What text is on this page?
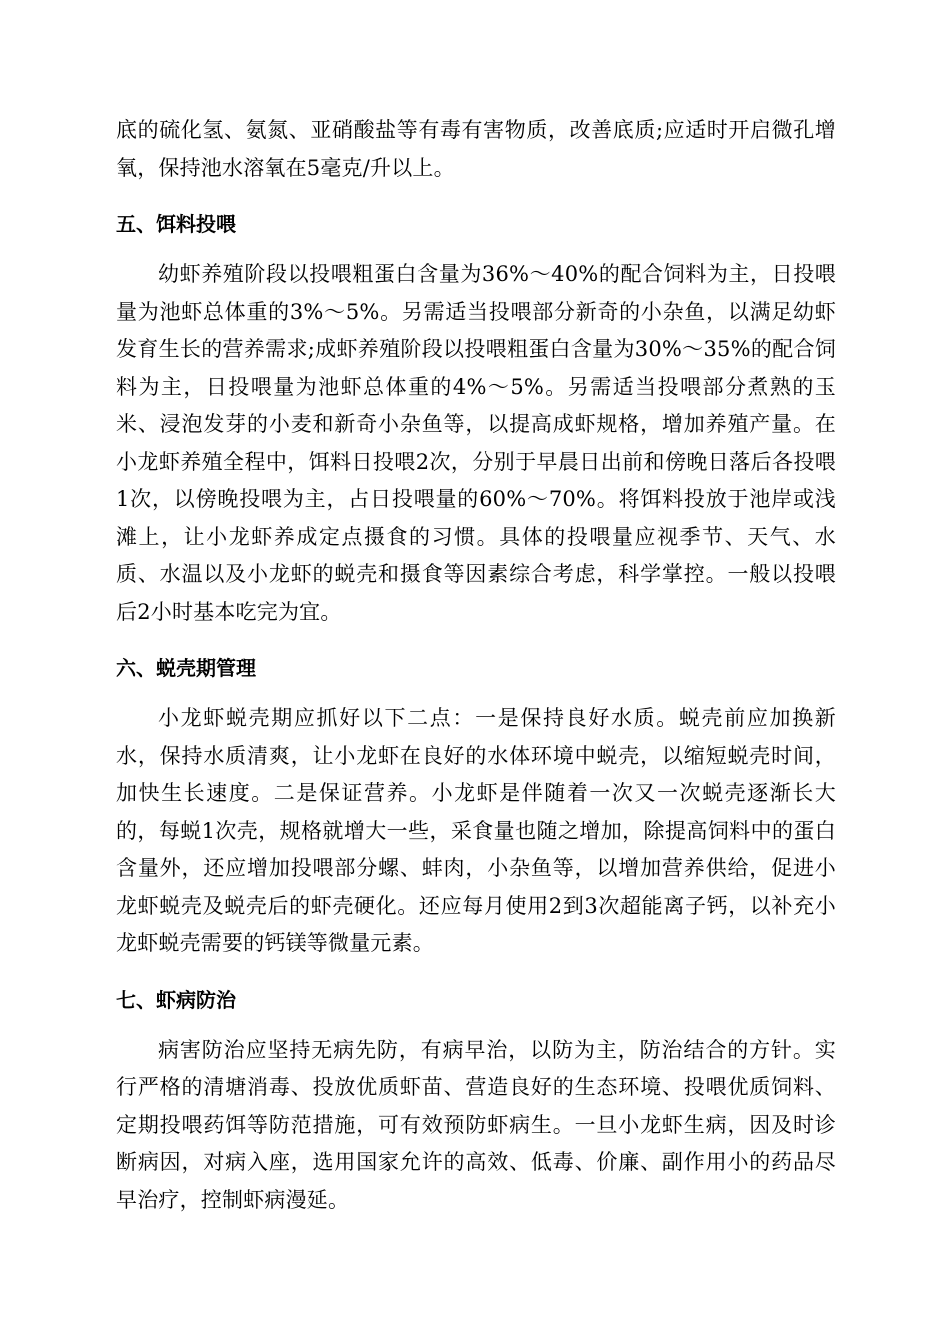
底的硫化氢、氨氮、亚硝酸盐等有毒有害物质，改善底质;应适时开启微孔增氧，保持池水溶氧在5毫克/升以上。

五、饵料投喂

幼虾养殖阶段以投喂粗蛋白含量为36%～40%的配合饲料为主，日投喂量为池虾总体重的3%～5%。另需适当投喂部分新奇的小杂鱼，以满足幼虾发育生长的营养需求;成虾养殖阶段以投喂粗蛋白含量为30%～35%的配合饲料为主，日投喂量为池虾总体重的4%～5%。另需适当投喂部分煮熟的玉米、浸泡发芽的小麦和新奇小杂鱼等，以提高成虾规格，增加养殖产量。在小龙虾养殖全程中，饵料日投喂2次，分别于早晨日出前和傍晚日落后各投喂1次，以傍晚投喂为主，占日投喂量的60%～70%。将饵料投放于池岸或浅滩上，让小龙虾养成定点摄食的习惯。具体的投喂量应视季节、天气、水质、水温以及小龙虾的蜕壳和摄食等因素综合考虑，科学掌控。一般以投喂后2小时基本吃完为宜。

六、蜕壳期管理

小龙虾蜕壳期应抓好以下二点：一是保持良好水质。蜕壳前应加换新水，保持水质清爽，让小龙虾在良好的水体环境中蜕壳，以缩短蜕壳时间，加快生长速度。二是保证营养。小龙虾是伴随着一次又一次蜕壳逐渐长大的，每蜕1次壳，规格就增大一些，采食量也随之增加，除提高饲料中的蛋白含量外，还应增加投喂部分螺、蚌肉，小杂鱼等，以增加营养供给，促进小龙虾蜕壳及蜕壳后的虾壳硬化。还应每月使用2到3次超能离子钙，以补充小龙虾蜕壳需要的钙镁等微量元素。

七、虾病防治

病害防治应坚持无病先防，有病早治，以防为主，防治结合的方针。实行严格的清塘消毒、投放优质虾苗、营造良好的生态环境、投喂优质饲料、定期投喂药饵等防范措施，可有效预防虾病生。一旦小龙虾生病，因及时诊断病因，对病入座，选用国家允许的高效、低毒、价廉、副作用小的药品尽早治疗，控制虾病漫延。
